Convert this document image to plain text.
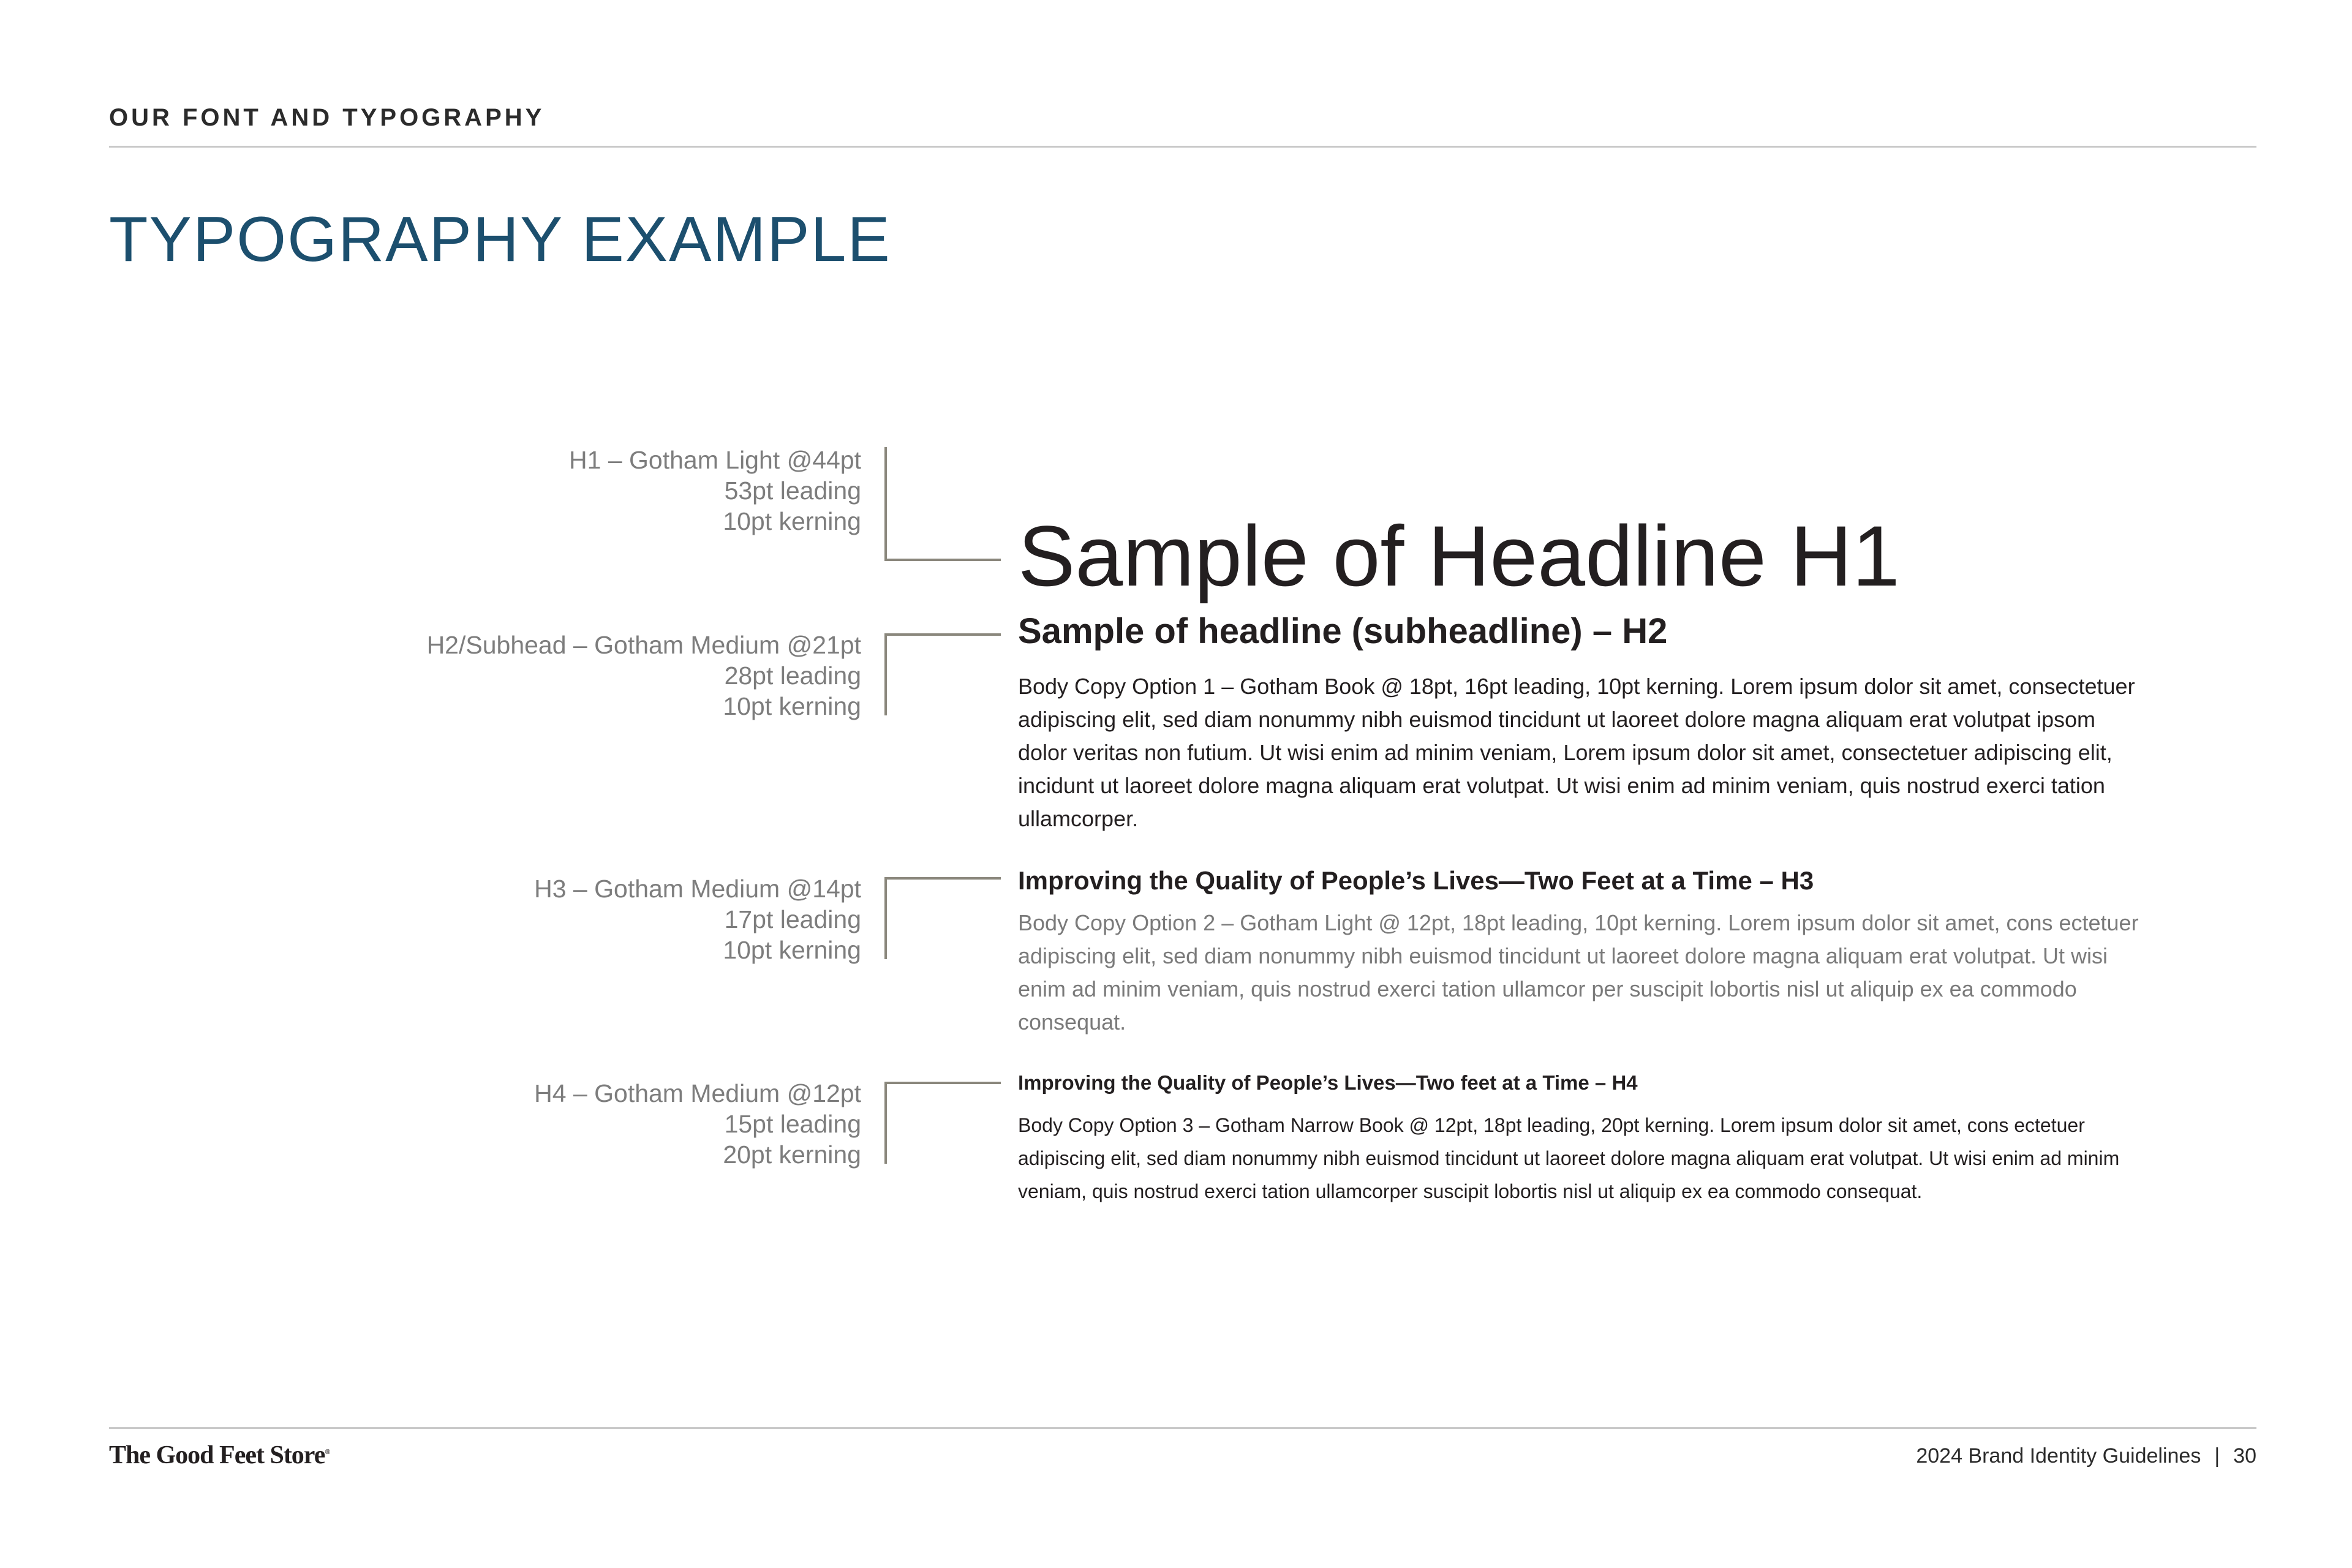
OUR FONT AND TYPOGRAPHY
TYPOGRAPHY EXAMPLE
H1 – Gotham Light @44pt
53pt leading
10pt kerning
H2/Subhead – Gotham Medium @21pt
28pt leading
10pt kerning
H3 – Gotham Medium @14pt
17pt leading
10pt kerning
H4 – Gotham Medium @12pt
15pt leading
20pt kerning
Sample of Headline H1
Sample of headline (subheadline) – H2
Body Copy Option 1 – Gotham Book @ 18pt, 16pt leading, 10pt kerning. Lorem ipsum dolor sit amet, consectetuer adipiscing elit, sed diam nonummy nibh euismod tincidunt ut laoreet dolore magna aliquam erat volutpat ipsom dolor veritas non futium. Ut wisi enim ad minim veniam, Lorem ipsum dolor sit amet, consectetuer adipiscing elit, incidunt ut laoreet dolore magna aliquam erat volutpat. Ut wisi enim ad minim veniam, quis nostrud exerci tation ullamcorper.
Improving the Quality of People’s Lives—Two Feet at a Time – H3
Body Copy Option 2 – Gotham Light @ 12pt, 18pt leading, 10pt kerning. Lorem ipsum dolor sit amet, cons ectetuer adipiscing elit, sed diam nonummy nibh euismod tincidunt ut laoreet dolore magna aliquam erat volutpat. Ut wisi enim ad minim veniam, quis nostrud exerci tation ullamcor per suscipit lobortis nisl ut aliquip ex ea commodo consequat.
Improving the Quality of People’s Lives—Two feet at a Time – H4
Body Copy Option 3 – Gotham Narrow Book @ 12pt, 18pt leading, 20pt kerning. Lorem ipsum dolor sit amet, cons ectetuer adipiscing elit, sed diam nonummy nibh euismod tincidunt ut laoreet dolore magna aliquam erat volutpat. Ut wisi enim ad minim veniam, quis nostrud exerci tation ullamcorper suscipit lobortis nisl ut aliquip ex ea commodo consequat.
The Good Feet Store®	2024 Brand Identity Guidelines | 30
